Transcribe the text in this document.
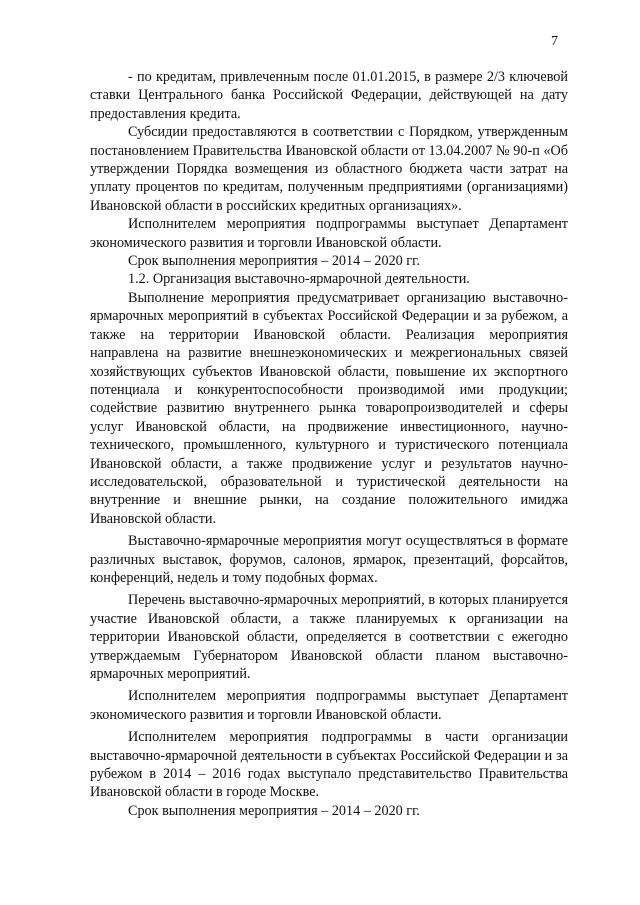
7

- по кредитам, привлеченным после 01.01.2015, в размере 2/3 ключевой ставки Центрального банка Российской Федерации, действующей на дату предоставления кредита.

Субсидии предоставляются в соответствии с Порядком, утвержденным постановлением Правительства Ивановской области от 13.04.2007 № 90-п «Об утверждении Порядка возмещения из областного бюджета части затрат на уплату процентов по кредитам, полученным предприятиями (организациями) Ивановской области в российских кредитных организациях».

Исполнителем мероприятия подпрограммы выступает Департамент экономического развития и торговли Ивановской области.

Срок выполнения мероприятия – 2014 – 2020 гг.

1.2. Организация выставочно-ярмарочной деятельности.

Выполнение мероприятия предусматривает организацию выставочно-ярмарочных мероприятий в субъектах Российской Федерации и за рубежом, а также на территории Ивановской области. Реализация мероприятия направлена на развитие внешнеэкономических и межрегиональных связей хозяйствующих субъектов Ивановской области, повышение их экспортного потенциала и конкурентоспособности производимой ими продукции; содействие развитию внутреннего рынка товаропроизводителей и сферы услуг Ивановской области, на продвижение инвестиционного, научно-технического, промышленного, культурного и туристического потенциала Ивановской области, а также продвижение услуг и результатов научно-исследовательской, образовательной и туристической деятельности на внутренние и внешние рынки, на создание положительного имиджа Ивановской области.

Выставочно-ярмарочные мероприятия могут осуществляться в формате различных выставок, форумов, салонов, ярмарок, презентаций, форсайтов, конференций, недель и тому подобных формах.

Перечень выставочно-ярмарочных мероприятий, в которых планируется участие Ивановской области, а также планируемых к организации на территории Ивановской области, определяется в соответствии с ежегодно утверждаемым Губернатором Ивановской области планом выставочно-ярмарочных мероприятий.

Исполнителем мероприятия подпрограммы выступает Департамент экономического развития и торговли Ивановской области.

Исполнителем мероприятия подпрограммы в части организации выставочно-ярмарочной деятельности в субъектах Российской Федерации и за рубежом в 2014 – 2016 годах выступало представительство Правительства Ивановской области в городе Москве.

Срок выполнения мероприятия – 2014 – 2020 гг.
